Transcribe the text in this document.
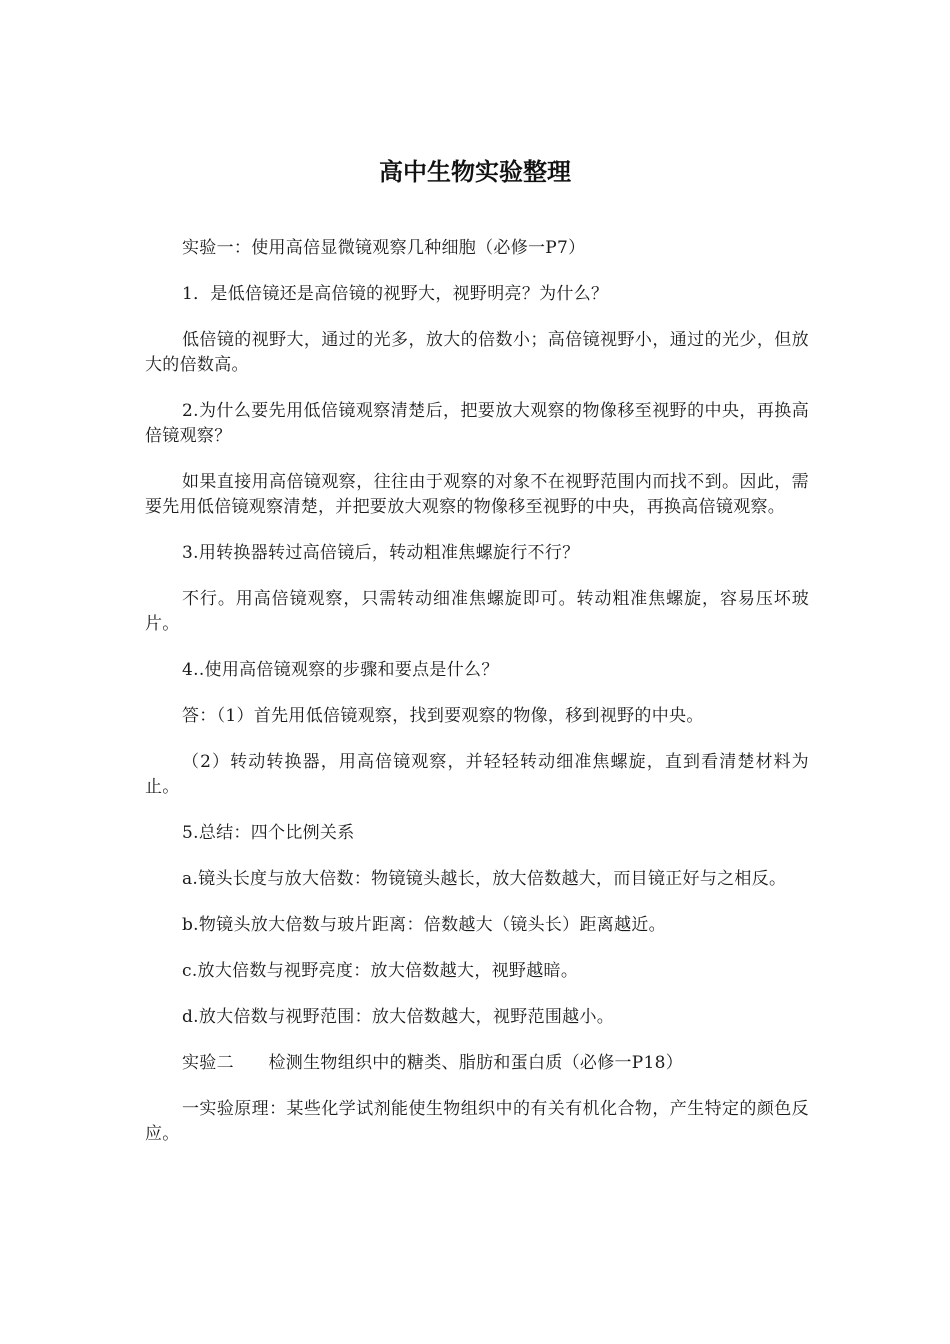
高中生物实验整理

实验一：使用高倍显微镜观察几种细胞（必修一P7）

1．是低倍镜还是高倍镜的视野大，视野明亮？为什么？

低倍镜的视野大，通过的光多，放大的倍数小；高倍镜视野小，通过的光少，但放大的倍数高。

2.为什么要先用低倍镜观察清楚后，把要放大观察的物像移至视野的中央，再换高倍镜观察？

如果直接用高倍镜观察，往往由于观察的对象不在视野范围内而找不到。因此，需要先用低倍镜观察清楚，并把要放大观察的物像移至视野的中央，再换高倍镜观察。

3.用转换器转过高倍镜后，转动粗准焦螺旋行不行？

不行。用高倍镜观察，只需转动细准焦螺旋即可。转动粗准焦螺旋，容易压坏玻片。

4..使用高倍镜观察的步骤和要点是什么？

答：（1）首先用低倍镜观察，找到要观察的物像，移到视野的中央。

（2）转动转换器，用高倍镜观察，并轻轻转动细准焦螺旋，直到看清楚材料为止。

5.总结：四个比例关系

a.镜头长度与放大倍数：物镜镜头越长，放大倍数越大，而目镜正好与之相反。

b.物镜头放大倍数与玻片距离：倍数越大（镜头长）距离越近。

c.放大倍数与视野亮度：放大倍数越大，视野越暗。

d.放大倍数与视野范围：放大倍数越大，视野范围越小。

实验二　　检测生物组织中的糖类、脂肪和蛋白质（必修一P18）

一实验原理：某些化学试剂能使生物组织中的有关有机化合物，产生特定的颜色反应。
